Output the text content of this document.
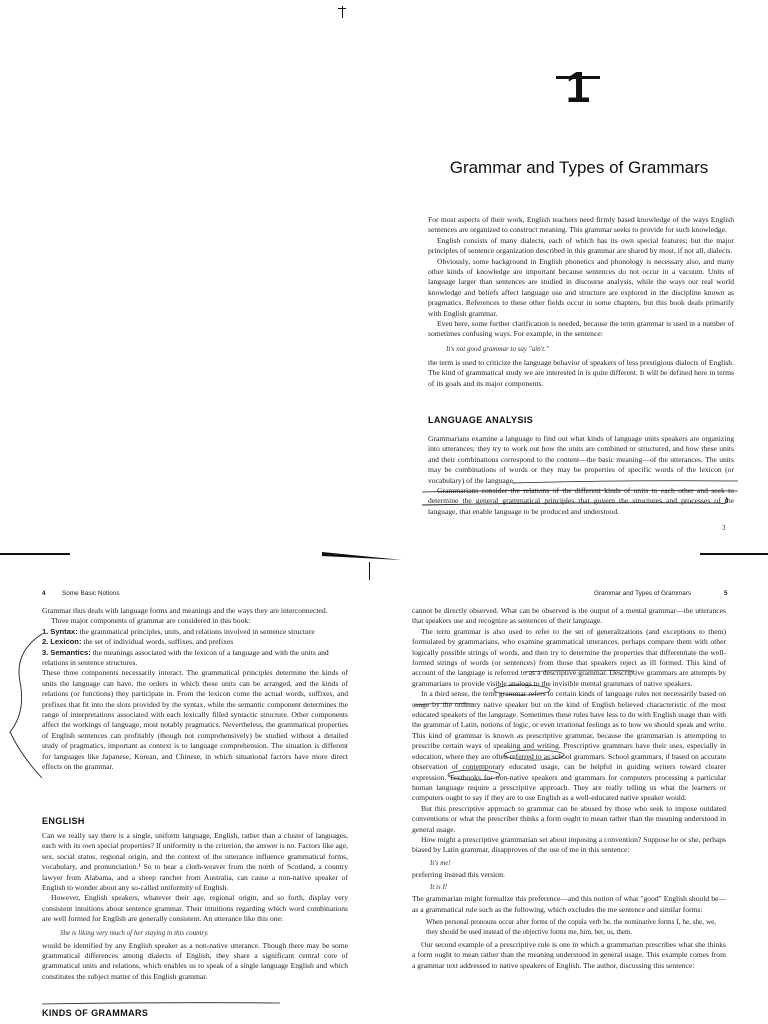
1
Grammar and Types of Grammars

For most aspects of their work, English teachers need firmly based knowledge of the ways English sentences are organized to construct meaning. This grammar seeks to provide for such knowledge.

English consists of many dialects, each of which has its own special features; but the major principles of sentence organization described in this grammar are shared by most, if not all, dialects.

Obviously, some background in English phonetics and phonology is necessary also, and many other kinds of knowledge are important because sentences do not occur in a vacuum. Units of language larger than sentences are studied in discourse analysis, while the ways our real world knowledge and beliefs affect language use and structure are explored in the discipline known as pragmatics. References to these other fields occur in some chapters, but this book deals primarily with English grammar.

Even here, some further clarification is needed, because the term grammar is used in a number of sometimes confusing ways. For example, in the sentence:

It's not good grammar to say "ain't."

the term is used to criticize the language behavior of speakers of less prestigious dialects of English. The kind of grammatical study we are interested in is quite different. It will be defined here in terms of its goals and its major components.

LANGUAGE ANALYSIS

Grammarians examine a language to find out what kinds of language units speakers are organizing into utterances; they try to work out how the units are combined or structured, and how these units and their combinations correspond to the content—the basic meaning—of the utterances. The units may be combinations of words or they may be properties of specific words of the lexicon (or vocabulary) of the language.

Grammarians consider the relations of the different kinds of units to each other and seek to determine the general grammatical principles that govern the structures and processes of the language, that enable language to be produced and understood.

3
4	Some Basic Notions

Grammar thus deals with language forms and meanings and the ways they are interconnected.

Three major components of grammar are considered in this book:

1. Syntax: the grammatical principles, units, and relations involved in sentence structure

2. Lexicon: the set of individual words, suffixes, and prefixes

3. Semantics: the meanings associated with the lexicon of a language and with the units and relations in sentence structures.

These three components necessarily interact. The grammatical principles determine the kinds of units the language can have, the orders in which these units can be arranged, and the kinds of relations (or functions) they participate in. From the lexicon come the actual words, suffixes, and prefixes that fit into the slots provided by the syntax, while the semantic component determines the range of interpretations associated with each lexically filled syntactic structure. Other components affect the workings of language, most notably pragmatics. Nevertheless, the grammatical properties of English sentences can profitably (though not comprehensively) be studied without a detailed study of pragmatics, important as context is to language comprehension. The situation is different for languages like Japanese, Korean, and Chinese, in which situational factors have more direct effects on the grammar.

ENGLISH

Can we really say there is a single, uniform language, English, rather than a cluster of languages, each with its own special properties? If uniformity is the criterion, the answer is no. Factors like age, sex, social status, regional origin, and the context of the utterance influence grammatical forms, vocabulary, and pronunciation.¹ So to hear a cloth-weaver from the north of Scotland, a country lawyer from Alabama, and a sheep rancher from Australia, can cause a non-native speaker of English to wonder about any so-called uniformity of English.

However, English speakers, whatever their age, regional origin, and so forth, display very consistent intuitions about sentence grammar. Their intuitions regarding which word combinations are well formed for English are generally consistent. An utterance like this one:

She is liking very much of her staying in this country.

would be identified by any English speaker as a non-native utterance. Though there may be some grammatical differences among dialects of English, they share a significant central core of grammatical units and relations, which enables us to speak of a single language English and which constitutes the subject matter of this English grammar.

KINDS OF GRAMMARS
Grammar and Types of Grammars	5

cannot be directly observed. What can be observed is the output of a mental grammar—the utterances that speakers use and recognize as sentences of their language.

The term grammar is also used to refer to the set of generalizations (and exceptions to them) formulated by grammarians, who examine grammatical utterances, perhaps compare them with other logically possible strings of words, and then try to determine the properties that differentiate the well-formed strings of words (or sentences) from those that speakers reject as ill formed. This kind of account of the language is referred to as a descriptive grammar. Descriptive grammars are attempts by grammarians to provide visible analogs to the invisible mental grammars of native speakers.

In a third sense, the term grammar refers to certain kinds of language rules not necessarily based on usage by the ordinary native speaker but on the kind of English believed characteristic of the most educated speakers of the language. Sometimes these rules have less to do with English usage than with the grammar of Latin, notions of logic, or even irrational feelings as to how we should speak and write. This kind of grammar is known as prescriptive grammar, because the grammarian is attempting to prescribe certain ways of speaking and writing. Prescriptive grammars have their uses, especially in education, where they are often referred to as school grammars. School grammars, if based on accurate observation of contemporary educated usage, can be helpful in guiding writers toward clearer expression. Textbooks for non-native speakers and grammars for computers processing a particular human language require a prescriptive approach. They are really telling us what the learners or computers ought to say if they are to use English as a well-educated native speaker would.

But this prescriptive approach to grammar can be abused by those who seek to impose outdated conventions or what the prescriber thinks a form ought to mean rather than the meaning understood in general usage.

How might a prescriptive grammarian set about imposing a convention? Suppose he or she, perhaps biased by Latin grammar, disapproves of the use of me in this sentence:

It's me!

preferring instead this version:

It is I!

The grammarian might formalize this preference—and this notion of what "good" English should be—as a grammatical rule such as the following, which excludes the me sentence and similar forms:

When personal pronouns occur after forms of the copula verb be, the nominative forms I, he, she, we, they should be used instead of the objective forms me, him, her, us, them.

Our second example of a prescriptive rule is one in which a grammarian prescribes what she thinks a form ought to mean rather than the meaning understood in general usage. This example comes from a grammar text addressed to native speakers of English. The author, discussing this sentence:
